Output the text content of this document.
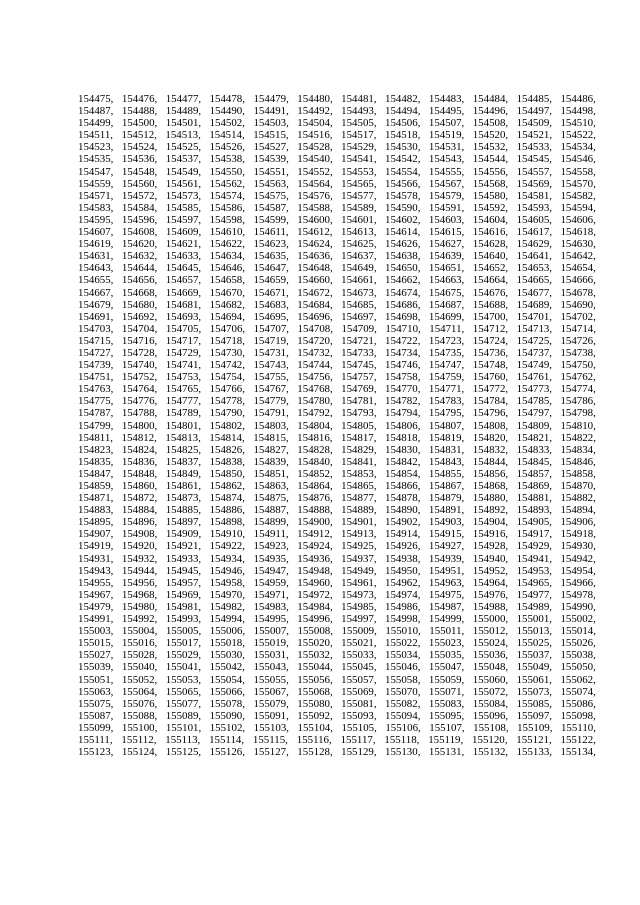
154475, 154476, 154477, 154478, 154479, 154480, 154481, 154482, 154483, 154484, 154485, 154486,
154487, 154488, 154489, 154490, 154491, 154492, 154493, 154494, 154495, 154496, 154497, 154498,
154499, 154500, 154501, 154502, 154503, 154504, 154505, 154506, 154507, 154508, 154509, 154510,
154511, 154512, 154513, 154514, 154515, 154516, 154517, 154518, 154519, 154520, 154521, 154522,
154523, 154524, 154525, 154526, 154527, 154528, 154529, 154530, 154531, 154532, 154533, 154534,
154535, 154536, 154537, 154538, 154539, 154540, 154541, 154542, 154543, 154544, 154545, 154546,
154547, 154548, 154549, 154550, 154551, 154552, 154553, 154554, 154555, 154556, 154557, 154558,
154559, 154560, 154561, 154562, 154563, 154564, 154565, 154566, 154567, 154568, 154569, 154570,
154571, 154572, 154573, 154574, 154575, 154576, 154577, 154578, 154579, 154580, 154581, 154582,
154583, 154584, 154585, 154586, 154587, 154588, 154589, 154590, 154591, 154592, 154593, 154594,
154595, 154596, 154597, 154598, 154599, 154600, 154601, 154602, 154603, 154604, 154605, 154606,
154607, 154608, 154609, 154610, 154611, 154612, 154613, 154614, 154615, 154616, 154617, 154618,
154619, 154620, 154621, 154622, 154623, 154624, 154625, 154626, 154627, 154628, 154629, 154630,
154631, 154632, 154633, 154634, 154635, 154636, 154637, 154638, 154639, 154640, 154641, 154642,
154643, 154644, 154645, 154646, 154647, 154648, 154649, 154650, 154651, 154652, 154653, 154654,
154655, 154656, 154657, 154658, 154659, 154660, 154661, 154662, 154663, 154664, 154665, 154666,
154667, 154668, 154669, 154670, 154671, 154672, 154673, 154674, 154675, 154676, 154677, 154678,
154679, 154680, 154681, 154682, 154683, 154684, 154685, 154686, 154687, 154688, 154689, 154690,
154691, 154692, 154693, 154694, 154695, 154696, 154697, 154698, 154699, 154700, 154701, 154702,
154703, 154704, 154705, 154706, 154707, 154708, 154709, 154710, 154711, 154712, 154713, 154714,
154715, 154716, 154717, 154718, 154719, 154720, 154721, 154722, 154723, 154724, 154725, 154726,
154727, 154728, 154729, 154730, 154731, 154732, 154733, 154734, 154735, 154736, 154737, 154738,
154739, 154740, 154741, 154742, 154743, 154744, 154745, 154746, 154747, 154748, 154749, 154750,
154751, 154752, 154753, 154754, 154755, 154756, 154757, 154758, 154759, 154760, 154761, 154762,
154763, 154764, 154765, 154766, 154767, 154768, 154769, 154770, 154771, 154772, 154773, 154774,
154775, 154776, 154777, 154778, 154779, 154780, 154781, 154782, 154783, 154784, 154785, 154786,
154787, 154788, 154789, 154790, 154791, 154792, 154793, 154794, 154795, 154796, 154797, 154798,
154799, 154800, 154801, 154802, 154803, 154804, 154805, 154806, 154807, 154808, 154809, 154810,
154811, 154812, 154813, 154814, 154815, 154816, 154817, 154818, 154819, 154820, 154821, 154822,
154823, 154824, 154825, 154826, 154827, 154828, 154829, 154830, 154831, 154832, 154833, 154834,
154835, 154836, 154837, 154838, 154839, 154840, 154841, 154842, 154843, 154844, 154845, 154846,
154847, 154848, 154849, 154850, 154851, 154852, 154853, 154854, 154855, 154856, 154857, 154858,
154859, 154860, 154861, 154862, 154863, 154864, 154865, 154866, 154867, 154868, 154869, 154870,
154871, 154872, 154873, 154874, 154875, 154876, 154877, 154878, 154879, 154880, 154881, 154882,
154883, 154884, 154885, 154886, 154887, 154888, 154889, 154890, 154891, 154892, 154893, 154894,
154895, 154896, 154897, 154898, 154899, 154900, 154901, 154902, 154903, 154904, 154905, 154906,
154907, 154908, 154909, 154910, 154911, 154912, 154913, 154914, 154915, 154916, 154917, 154918,
154919, 154920, 154921, 154922, 154923, 154924, 154925, 154926, 154927, 154928, 154929, 154930,
154931, 154932, 154933, 154934, 154935, 154936, 154937, 154938, 154939, 154940, 154941, 154942,
154943, 154944, 154945, 154946, 154947, 154948, 154949, 154950, 154951, 154952, 154953, 154954,
154955, 154956, 154957, 154958, 154959, 154960, 154961, 154962, 154963, 154964, 154965, 154966,
154967, 154968, 154969, 154970, 154971, 154972, 154973, 154974, 154975, 154976, 154977, 154978,
154979, 154980, 154981, 154982, 154983, 154984, 154985, 154986, 154987, 154988, 154989, 154990,
154991, 154992, 154993, 154994, 154995, 154996, 154997, 154998, 154999, 155000, 155001, 155002,
155003, 155004, 155005, 155006, 155007, 155008, 155009, 155010, 155011, 155012, 155013, 155014,
155015, 155016, 155017, 155018, 155019, 155020, 155021, 155022, 155023, 155024, 155025, 155026,
155027, 155028, 155029, 155030, 155031, 155032, 155033, 155034, 155035, 155036, 155037, 155038,
155039, 155040, 155041, 155042, 155043, 155044, 155045, 155046, 155047, 155048, 155049, 155050,
155051, 155052, 155053, 155054, 155055, 155056, 155057, 155058, 155059, 155060, 155061, 155062,
155063, 155064, 155065, 155066, 155067, 155068, 155069, 155070, 155071, 155072, 155073, 155074,
155075, 155076, 155077, 155078, 155079, 155080, 155081, 155082, 155083, 155084, 155085, 155086,
155087, 155088, 155089, 155090, 155091, 155092, 155093, 155094, 155095, 155096, 155097, 155098,
155099, 155100, 155101, 155102, 155103, 155104, 155105, 155106, 155107, 155108, 155109, 155110,
155111, 155112, 155113, 155114, 155115, 155116, 155117, 155118, 155119, 155120, 155121, 155122,
155123, 155124, 155125, 155126, 155127, 155128, 155129, 155130, 155131, 155132, 155133, 155134,
